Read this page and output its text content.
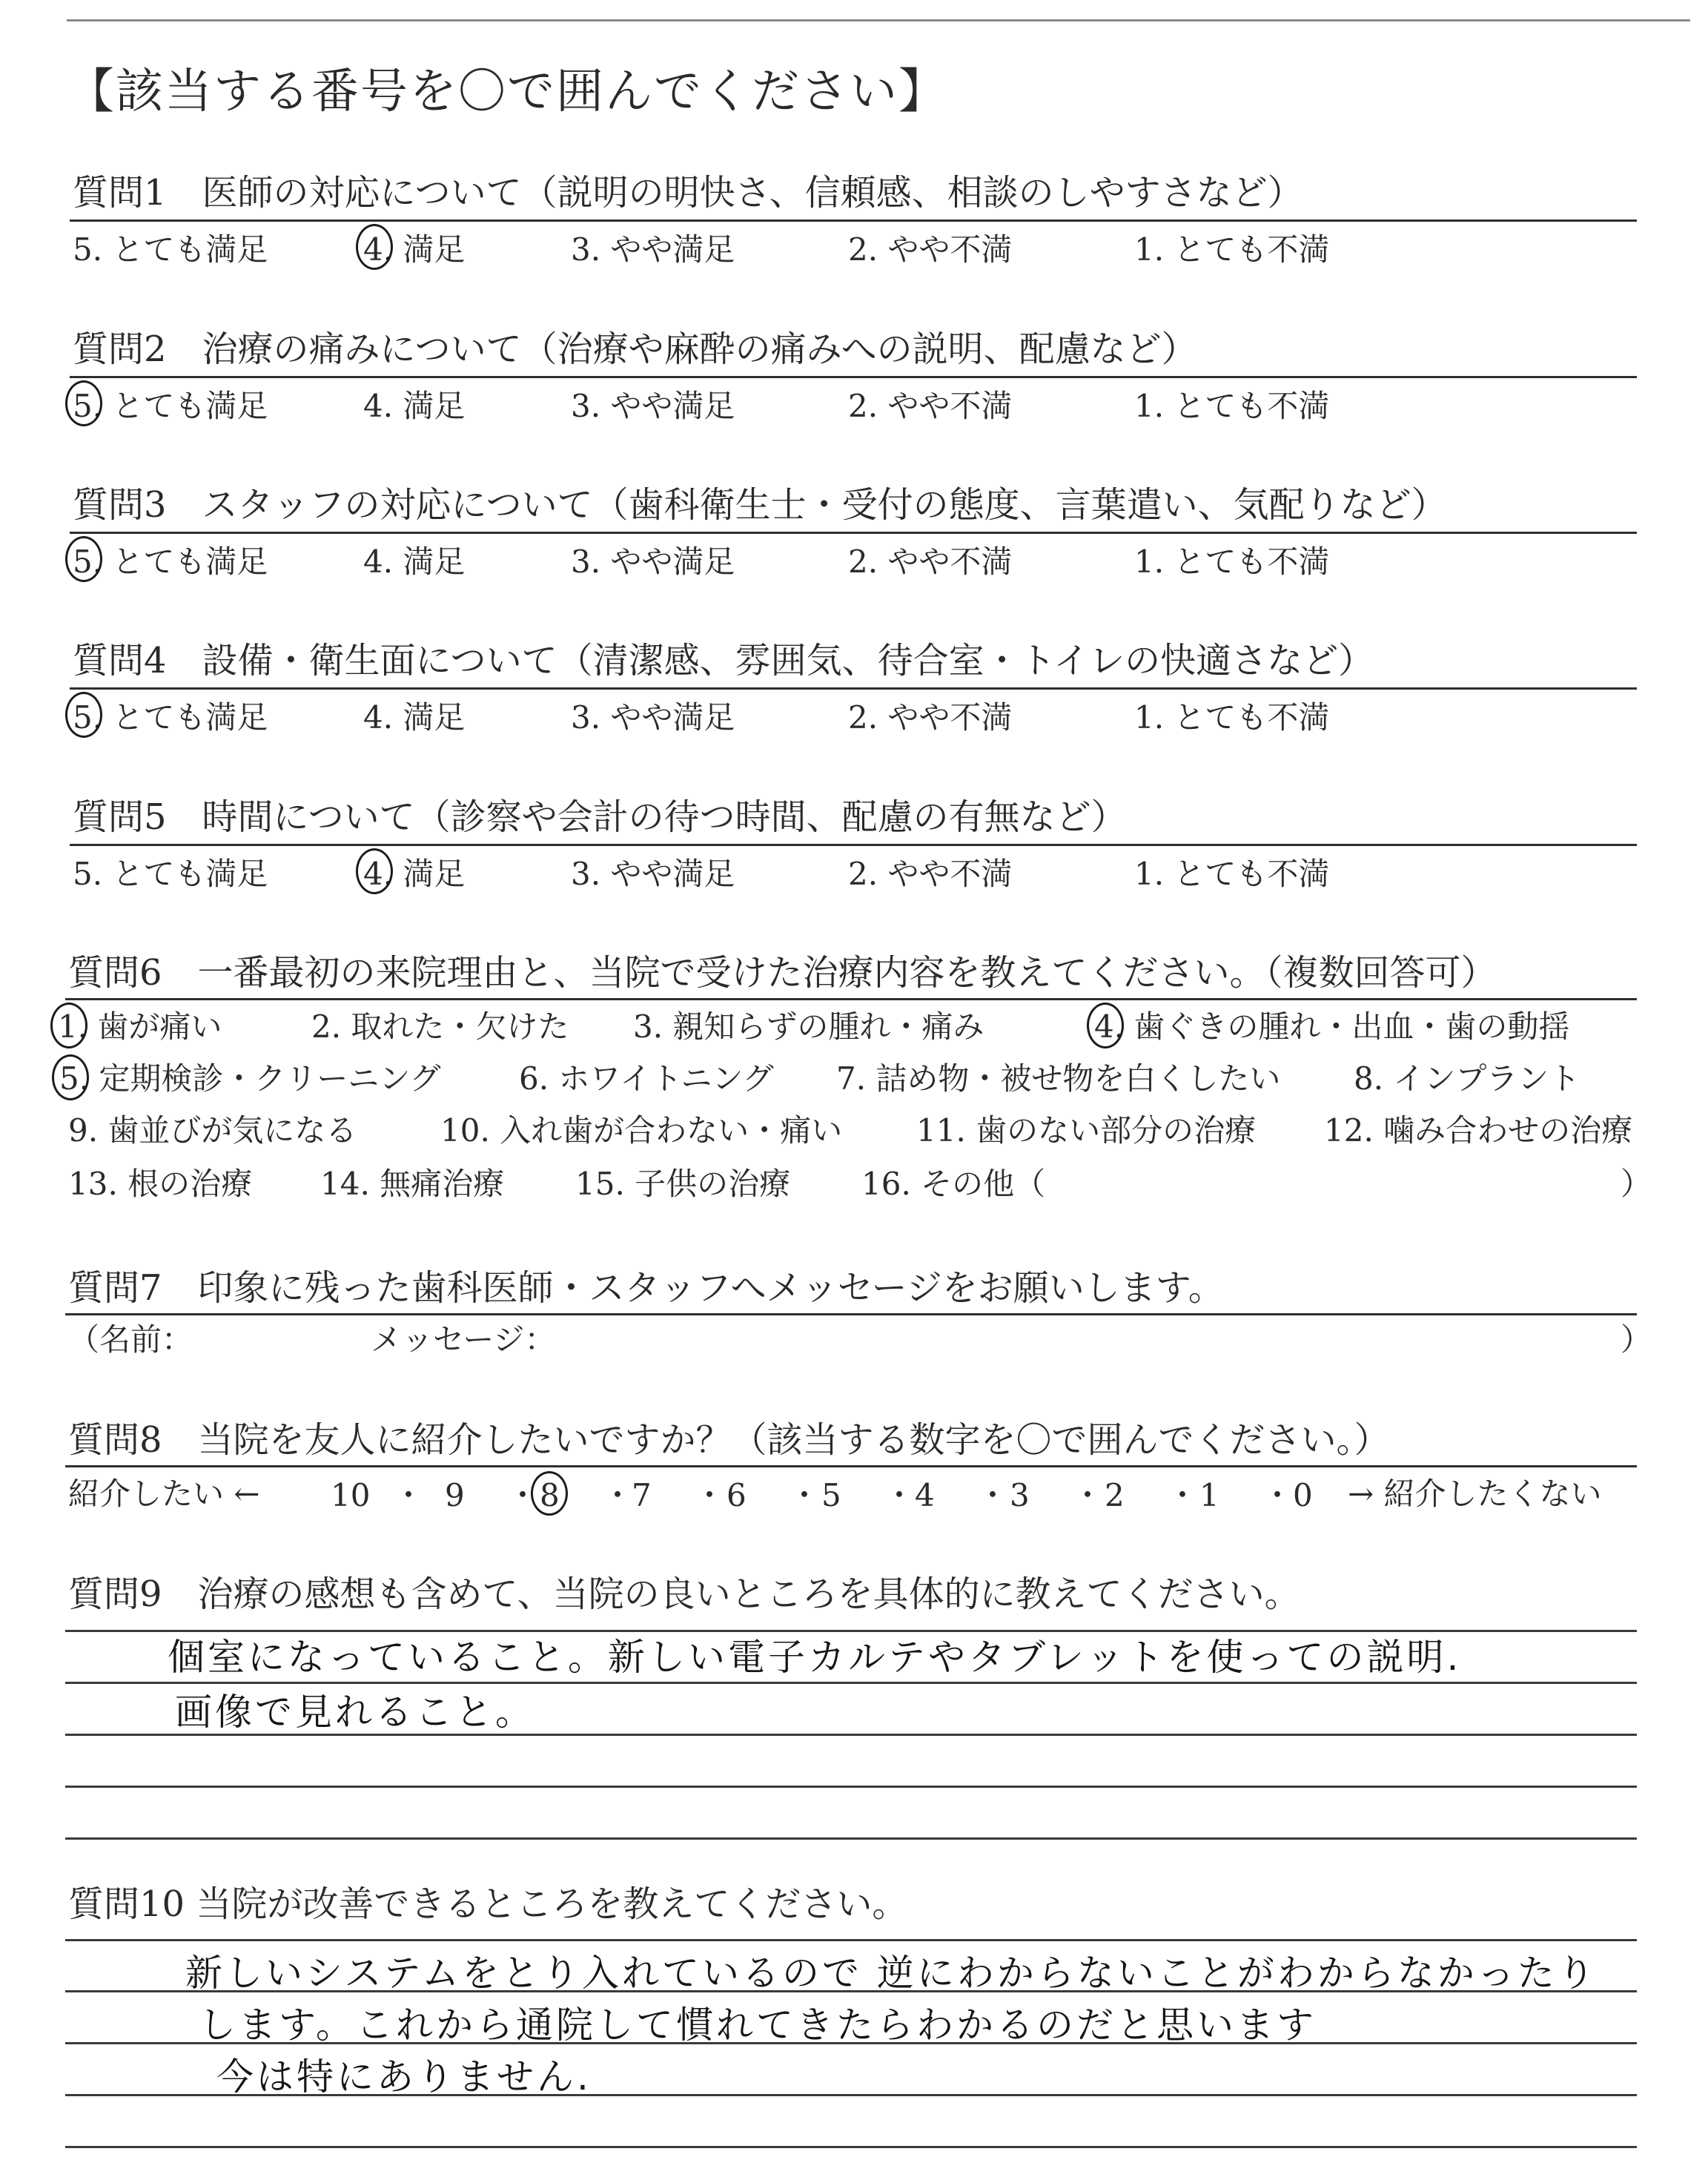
【該当する番号を〇で囲んでください】
質問1　医師の対応について（説明の明快さ、信頼感、相談のしやすさなど）
5. とても満足	4. 満足	3. やや満足	2. やや不満	1. とても不満
質問2　治療の痛みについて（治療や麻酔の痛みへの説明、配慮など）
5. とても満足	4. 満足	3. やや満足	2. やや不満	1. とても不満
質問3　スタッフの対応について（歯科衛生士・受付の態度、言葉遣い、気配りなど）
5. とても満足	4. 満足	3. やや満足	2. やや不満	1. とても不満
質問4　設備・衛生面について（清潔感、雰囲気、待合室・トイレの快適さなど）
5. とても満足	4. 満足	3. やや満足	2. やや不満	1. とても不満
質問5　時間について（診察や会計の待つ時間、配慮の有無など）
5. とても満足	4. 満足	3. やや満足	2. やや不満	1. とても不満
質問6　一番最初の来院理由と、当院で受けた治療内容を教えてください。（複数回答可）
1. 歯が痛い	2. 取れた・欠けた 3. 親知らずの腫れ・痛み	4. 歯ぐきの腫れ・出血・歯の動揺
5. 定期検診・クリーニング	6. ホワイトニング 7. 詰め物・被せ物を白くしたい 8. インプラント
9. 歯並びが気になる	10. 入れ歯が合わない・痛い 11. 歯のない部分の治療 12. 噛み合わせの治療
13. 根の治療 14. 無痛治療 15. 子供の治療 16. その他（	）
質問7　印象に残った歯科医師・スタッフへメッセージをお願いします。
（名前：	メッセージ：	）
質問8　当院を友人に紹介したいですか？（該当する数字を〇で囲んでください。）
紹介したい ← 10 ・ 9 ・ 8 ・
7 ・ 6 ・ 5 ・ 4 ・ 3 ・ 2 ・ 1 ・ 0 → 紹介したくない
質問9　治療の感想も含めて、当院の良いところを具体的に教えてください。
個室になっていること。新しい電子カルテやタブレットを使っての説明.
画像で見れること。
質問10 当院が改善できるところを教えてください。
新しいシステムをとり入れているので 逆にわからないことがわからなかったり
します。これから通院して慣れてきたらわかるのだと思います
今は特にありません.
